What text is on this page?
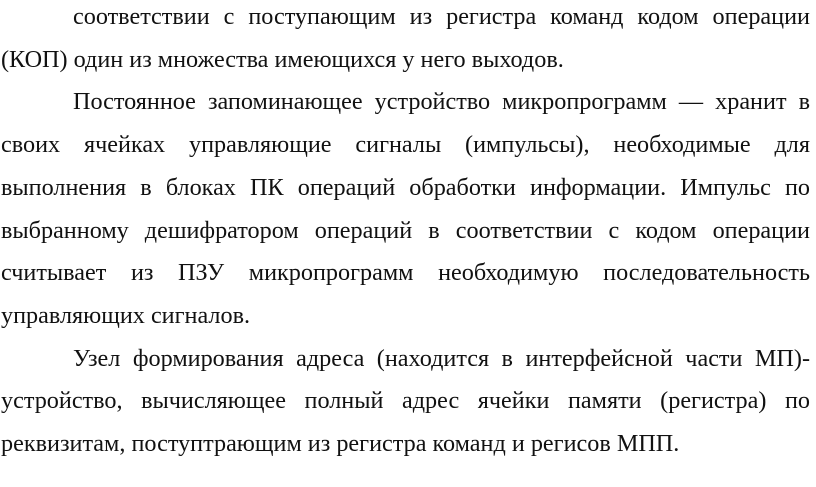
соответствии с поступающим из регистра команд кодом операции (КОП) один из множества имеющихся у него выходов.

Постоянное запоминающее устройство микропрограмм — хранит в своих ячейках управляющие сигналы (импульсы), необходимые для выполнения в блоках ПК операций обработки информации. Импульс по выбранному дешифратором операций в соответствии с кодом операции считывает из ПЗУ микропрограмм необходимую последовательность управляющих сигналов.

Узел формирования адреса (находится в интерфейсной части МП)- устройство, вычисляющее полный адрес ячейки памяти (регистра) по реквизитам, поступтрающим из регистра команд и регисов МПП.
